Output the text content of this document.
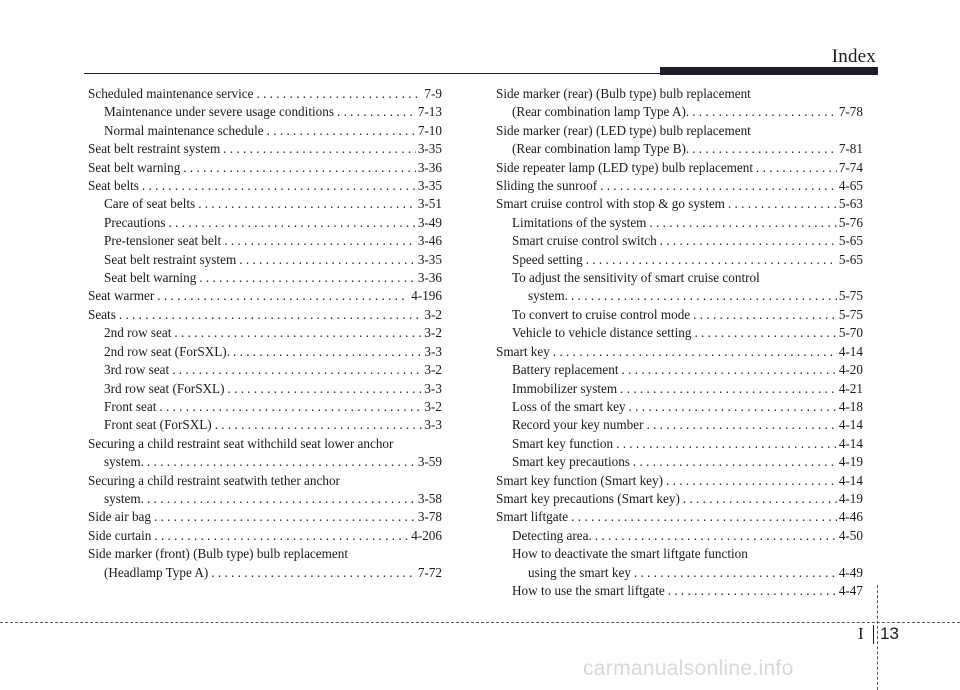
Index
Scheduled maintenance service . . .	7-9
Maintenance under severe usage conditions . . .	7-13
Normal maintenance schedule . . .	7-10
Seat belt restraint system . . .	3-35
Seat belt warning . . .	3-36
Seat belts . . .	3-35
Care of seat belts . . .	3-51
Precautions . . .	3-49
Pre-tensioner seat belt . . .	3-46
Seat belt restraint system . . .	3-35
Seat belt warning . . .	3-36
Seat warmer . . .	4-196
Seats . . .	3-2
2nd row seat . . .	3-2
2nd row seat (ForSXL). . . .	3-3
3rd row seat . . .	3-2
3rd row seat (ForSXL) . . .	3-3
Front seat . . .	3-2
Front seat (ForSXL) . . .	3-3
Securing a child restraint seat withchild seat lower anchor
system. . . .	3-59
Securing a child restraint seatwith tether anchor
system. . . .	3-58
Side air bag . . .	3-78
Side curtain . . .	4-206
Side marker (front) (Bulb type) bulb replacement
(Headlamp Type A) . . .	7-72
Side marker (rear) (Bulb type) bulb replacement
(Rear combination lamp Type A). . . .	7-78
Side marker (rear) (LED type) bulb replacement
(Rear combination lamp Type B). . . .	7-81
Side repeater lamp (LED type) bulb replacement . . .	7-74
Sliding the sunroof . . .	4-65
Smart cruise control with stop & go system . . .	5-63
Limitations of the system . . .	5-76
Smart cruise control switch . . .	5-65
Speed setting . . .	5-65
To adjust the sensitivity of smart cruise control
system. . . .	5-75
To convert to cruise control mode . . .	5-75
Vehicle to vehicle distance setting . . .	5-70
Smart key . . .	4-14
Battery replacement . . .	4-20
Immobilizer system . . .	4-21
Loss of the smart key . . .	4-18
Record your key number . . .	4-14
Smart key function . . .	4-14
Smart key precautions . . .	4-19
Smart key function (Smart key) . . .	4-14
Smart key precautions (Smart key) . . .	4-19
Smart liftgate . . .	4-46
Detecting area. . . .	4-50
How to deactivate the smart liftgate function
using the smart key . . .	4-49
How to use the smart liftgate . . .	4-47
I 13
carmanualsonline.info
